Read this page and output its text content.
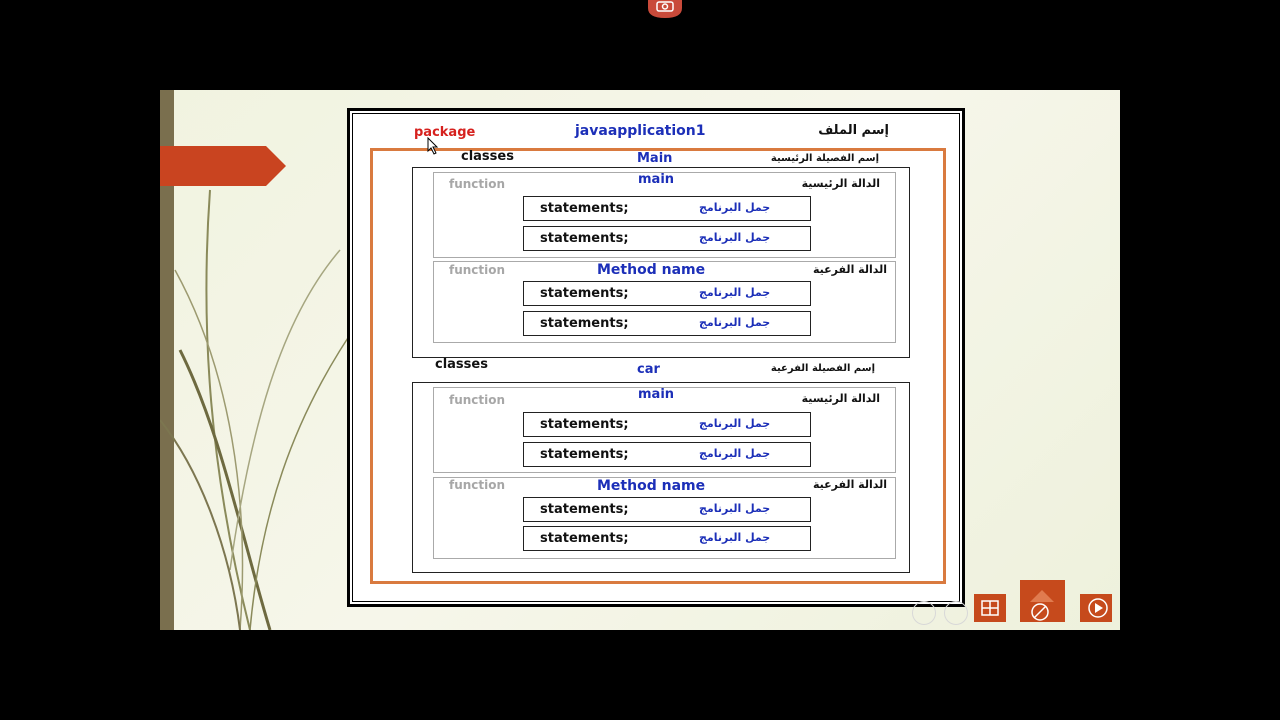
package	javaapplication1	إسم الملف
classes	Main	إسم الفصيلة الرئيسية
function	main	الدالة الرئيسية
statements;	جمل البرنامج
statements;	جمل البرنامج
function	Method name	الدالة الفرعية
statements;	جمل البرنامج
statements;	جمل البرنامج
classes	car	إسم الفصيلة الفرعية
function	main	الدالة الرئيسية
statements;	جمل البرنامج
statements;	جمل البرنامج
function	Method name	الدالة الفرعية
statements;	جمل البرنامج
statements;	جمل البرنامج
